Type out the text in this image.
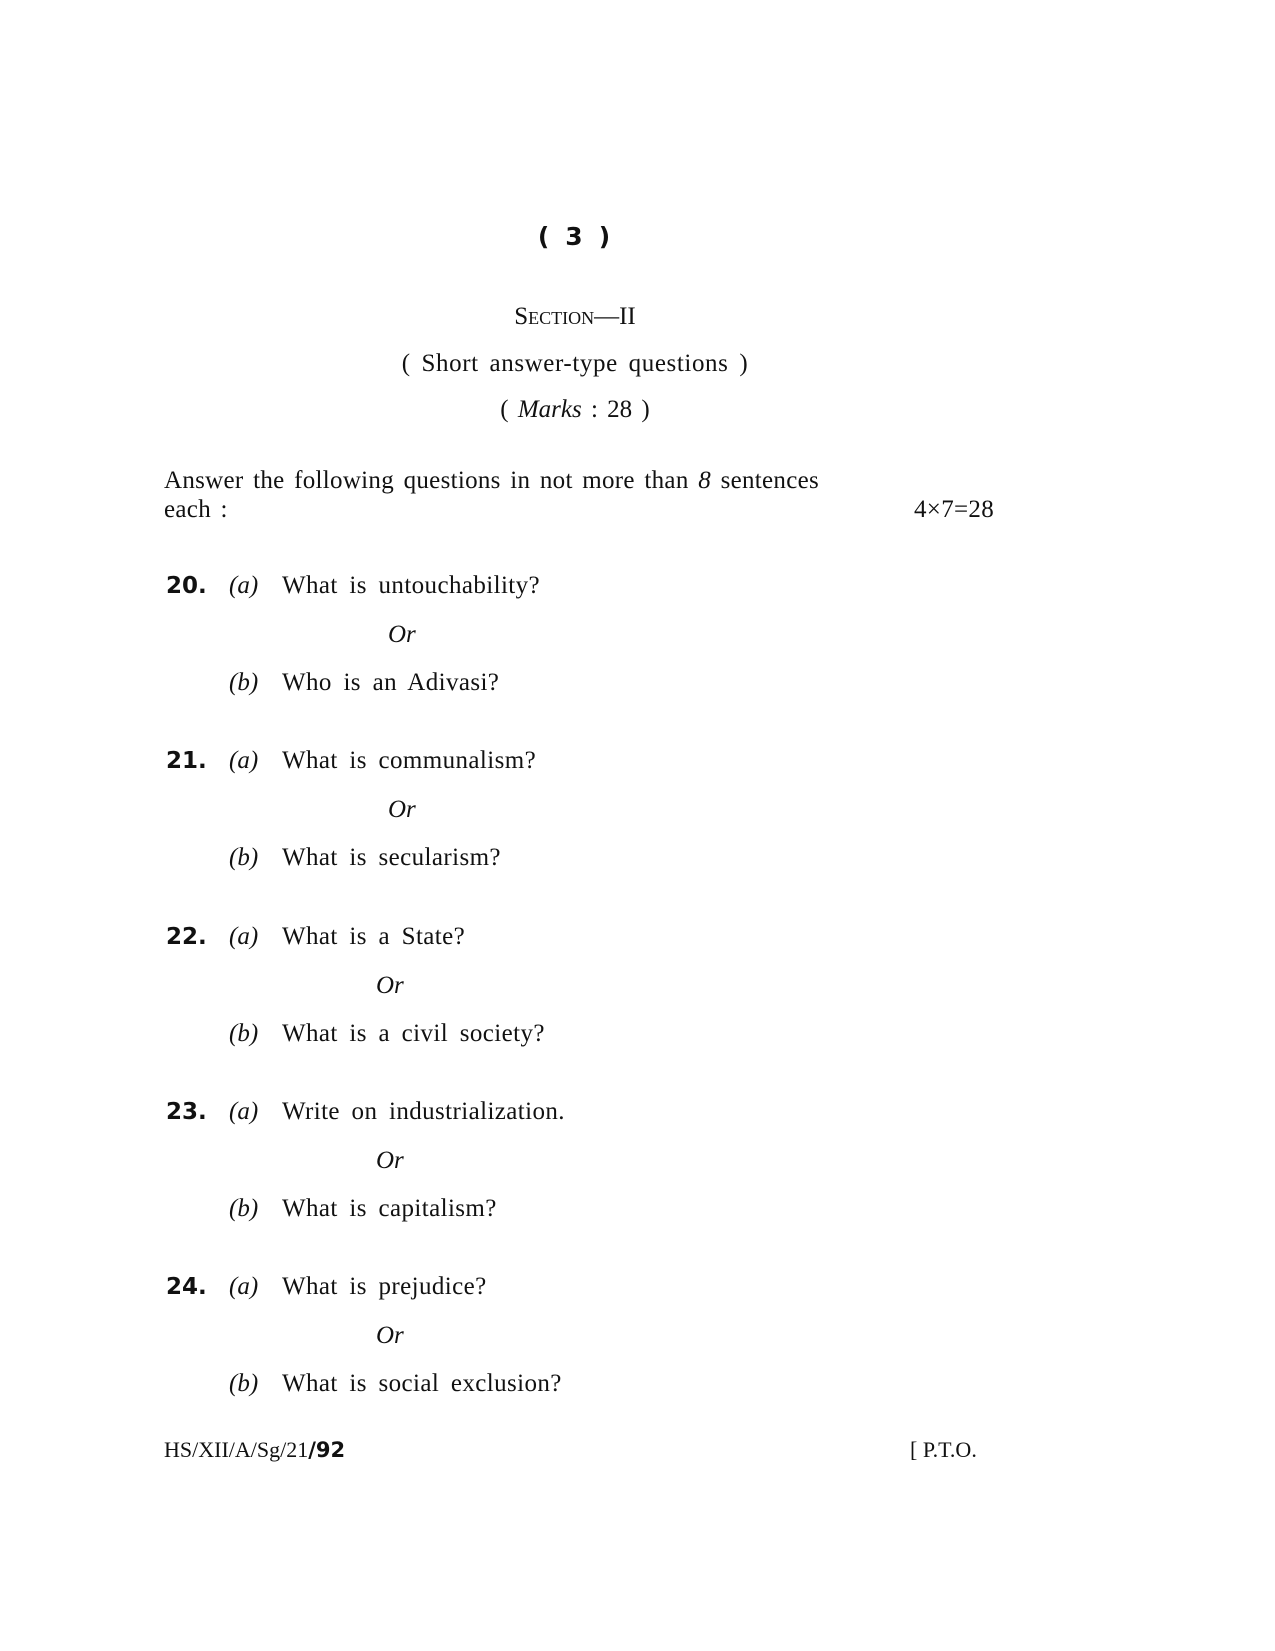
( 3 )
Section—II
( Short answer-type questions )
( Marks : 28 )
Answer the following questions in not more than 8 sentences
each :	4×7=28
20. (a) What is untouchability?
Or
(b) Who is an Adivasi?
21. (a) What is communalism?
Or
(b) What is secularism?
22. (a) What is a State?
Or
(b) What is a civil society?
23. (a) Write on industrialization.
Or
(b) What is capitalism?
24. (a) What is prejudice?
Or
(b) What is social exclusion?
HS/XII/A/Sg/21/92	[ P.T.O.
